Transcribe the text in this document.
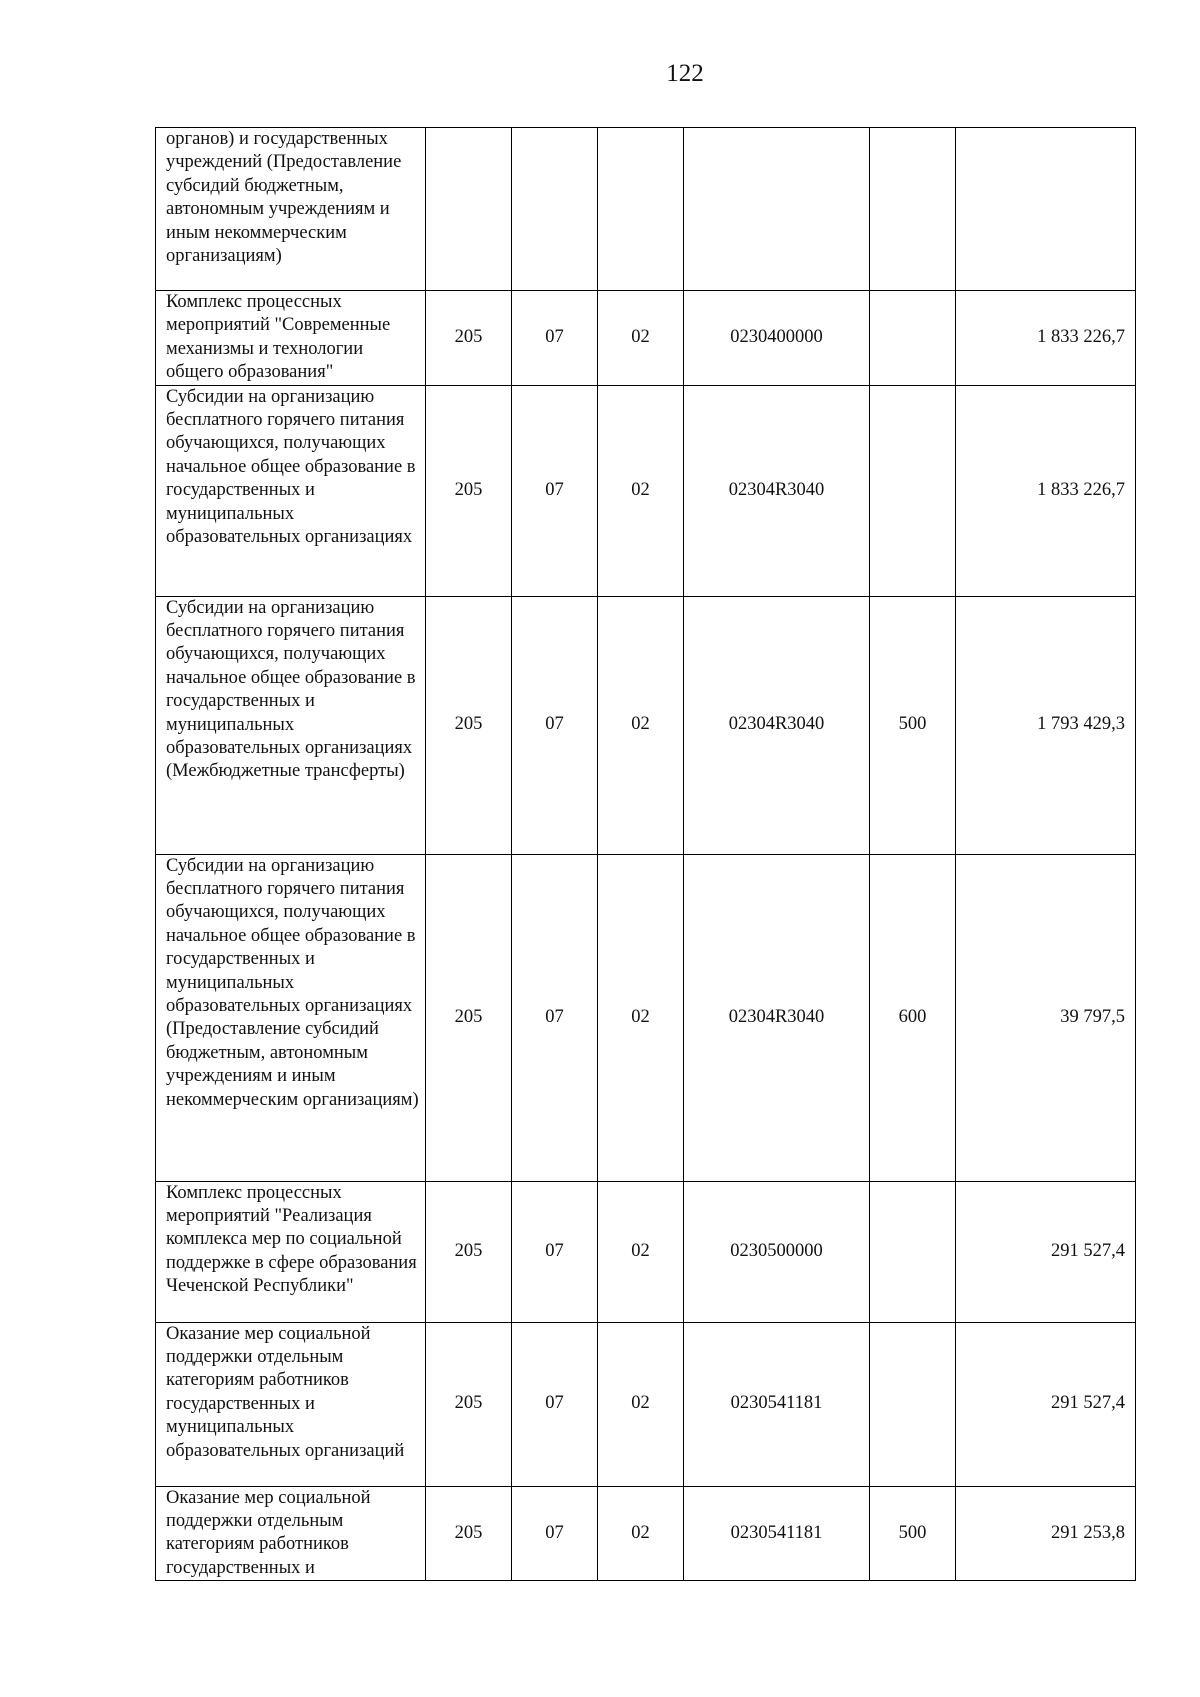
122
органов) и государственных учреждений (Предоставление субсидий бюджетным, автономным учреждениям и иным некоммерческим организациям)						
Комплекс процессных мероприятий "Современные механизмы и технологии общего образования"	205	07	02	0230400000		1 833 226,7
Субсидии на организацию бесплатного горячего питания обучающихся, получающих начальное общее образование в государственных и муниципальных образовательных организациях	205	07	02	02304R3040		1 833 226,7
Субсидии на организацию бесплатного горячего питания обучающихся, получающих начальное общее образование в государственных и муниципальных образовательных организациях (Межбюджетные трансферты)	205	07	02	02304R3040	500	1 793 429,3
Субсидии на организацию бесплатного горячего питания обучающихся, получающих начальное общее образование в государственных и муниципальных образовательных организациях (Предоставление субсидий бюджетным, автономным учреждениям и иным некоммерческим организациям)	205	07	02	02304R3040	600	39 797,5
Комплекс процессных мероприятий "Реализация комплекса мер по социальной поддержке в сфере образования Чеченской Республики"	205	07	02	0230500000		291 527,4
Оказание мер социальной поддержки отдельным категориям работников государственных и муниципальных образовательных организаций	205	07	02	0230541181		291 527,4
Оказание мер социальной поддержки отдельным категориям работников государственных и	205	07	02	0230541181	500	291 253,8
